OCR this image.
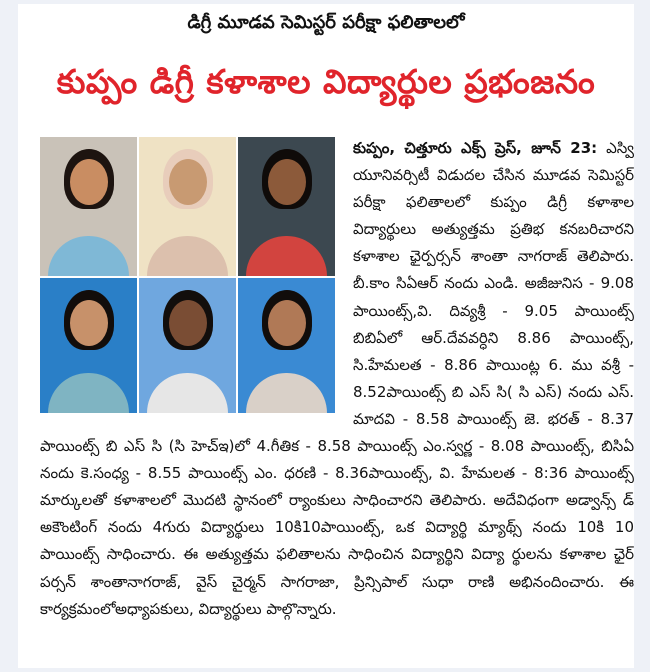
డిగ్రీ మూడవ సెమిస్టర్ పరీక్షా ఫలితాలలో
కుప్పం డిగ్రీ కళాశాల విద్యార్థుల ప్రభంజనం
కుప్పం, చిత్తూరు ఎక్స్ ప్రెస్, జూన్ 23: ఎస్వి యూనివర్సిటీ విడుదల చేసిన మూడవ సెమిస్టర్ పరీక్షా ఫలితాలలో కుప్పం డిగ్రీ కళాశాల విద్యార్థులు అత్యుత్తమ ప్రతిభ కనబరిచారని కళాశాల ఛైర్పర్సన్ శాంతా నాగరాజ్ తెలిపారు. బీ.కాం సిఏఆర్ నందు ఎండి. అజీజునిస - 9.08 పాయింట్స్,వి. దివ్యశ్రీ - 9.05 పాయింట్స్ బిబిఏలో ఆర్.దేవవర్ధిని 8.86 పాయింట్స్, సి.హేమలత - 8.86 పాయింట్ల 6. ము వశ్రీ - 8.52పాయింట్స్ బి ఎస్ సి( సి ఎస్) నందు ఎస్. మాదవి - 8.58 పాయింట్స్ జె. భరత్ - 8.37 పాయింట్స్ బి ఎస్ సి (సి హెచ్ఇ)లో 4.గీతిక - 8.58 పాయింట్స్ ఎం.స్వర్ణ - 8.08 పాయింట్స్, బిసిఏ నందు కె.సంధ్య - 8.55 పాయింట్స్ ఎం. ధరణి - 8.36పాయింట్స్, వి. హేమలత - 8:36 పాయింట్స్ మార్కులతో కళాశాలలో మొదటి స్థానంలో ర్యాంకులు సాధించారని తెలిపారు. అదేవిధంగా అడ్వాన్స్ డ్ అకౌంటింగ్ నందు 4గురు విద్యార్థులు 10కి10పాయింట్స్, ఒక విద్యార్థి మ్యాథ్స్ నందు 10కి 10 పాయింట్స్ సాధించారు. ఈ అత్యుత్తమ ఫలితాలను సాధించిన విద్యార్థిని విద్యా ర్థులను కళాశాల ఛైర్ పర్సన్ శాంతానాగరాజ్, వైస్ చైర్మన్ సాగరాజా, ప్రిన్సిపాల్ సుధా రాణి అభినందించారు. ఈ కార్యక్రమంలోఅధ్యాపకులు, విద్యార్థులు పాల్గొన్నారు.
